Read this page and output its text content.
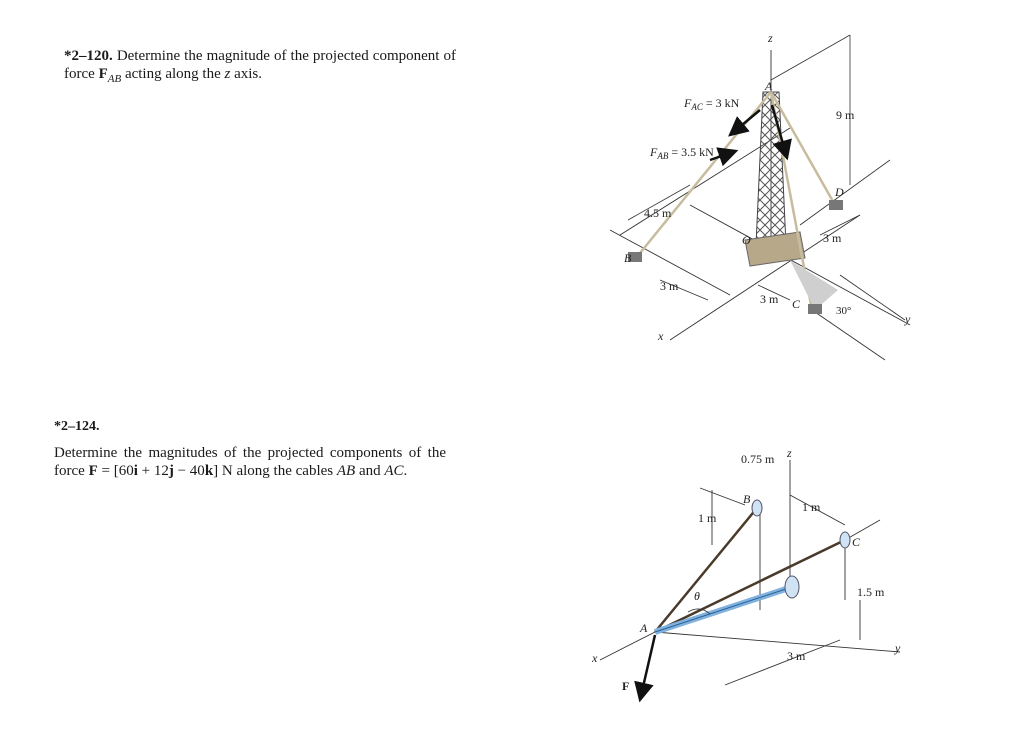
*2–120. Determine the magnitude of the projected component of force $F_{AB}$ acting along the z axis.
*2–124.
Determine the magnitudes of the projected components of the force F = [60i + 12j − 40k] N along the cables AB and AC.
z
A
$F_{AC} = 3$ kN
$F_{AB} = 3.5$ kN
9 m
4.5 m
D
3 m
O
B
3 m
3 m C	30°
y
x
0.75 m z
B
1 m
1 m
C
1.5 m
θ
A
y
3 m
x
F
